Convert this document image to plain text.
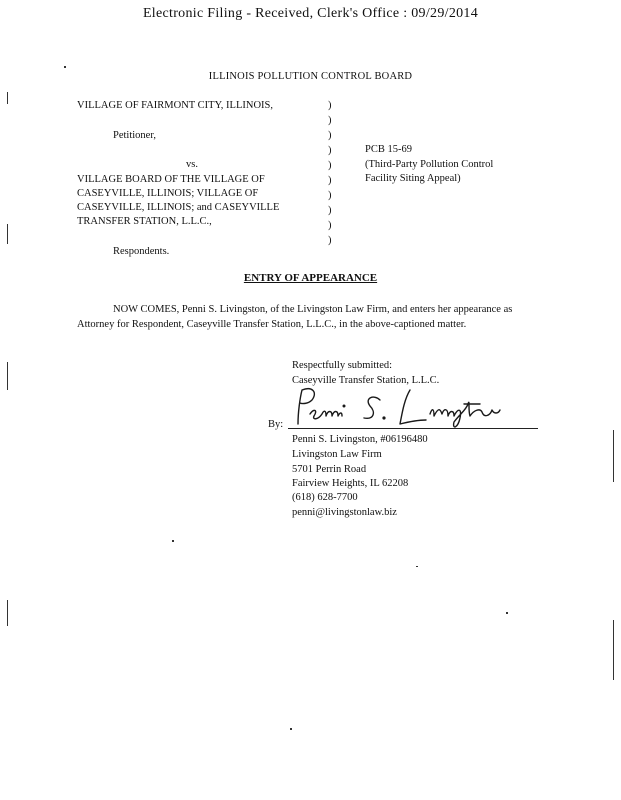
Electronic Filing - Received, Clerk's Office : 09/29/2014
ILLINOIS POLLUTION CONTROL BOARD
VILLAGE OF FAIRMONT CITY, ILLINOIS,
Petitioner,
vs.
VILLAGE BOARD OF THE VILLAGE OF
CASEYVILLE, ILLINOIS; VILLAGE OF
CASEYVILLE, ILLINOIS; and CASEYVILLE
TRANSFER STATION, L.L.C.,
Respondents.
)
)
)
)
)
)
)
)
)
)
PCB 15-69
(Third-Party Pollution Control
Facility Siting Appeal)
ENTRY OF APPEARANCE
NOW COMES, Penni S. Livingston, of the Livingston Law Firm, and enters her appearance as Attorney for Respondent, Caseyville Transfer Station, L.L.C., in the above-captioned matter.
Respectfully submitted:
Caseyville Transfer Station, L.L.C.
By:
Penni S. Livingston, #06196480
Livingston Law Firm
5701 Perrin Road
Fairview Heights, IL 62208
(618) 628-7700
penni@livingstonlaw.biz
